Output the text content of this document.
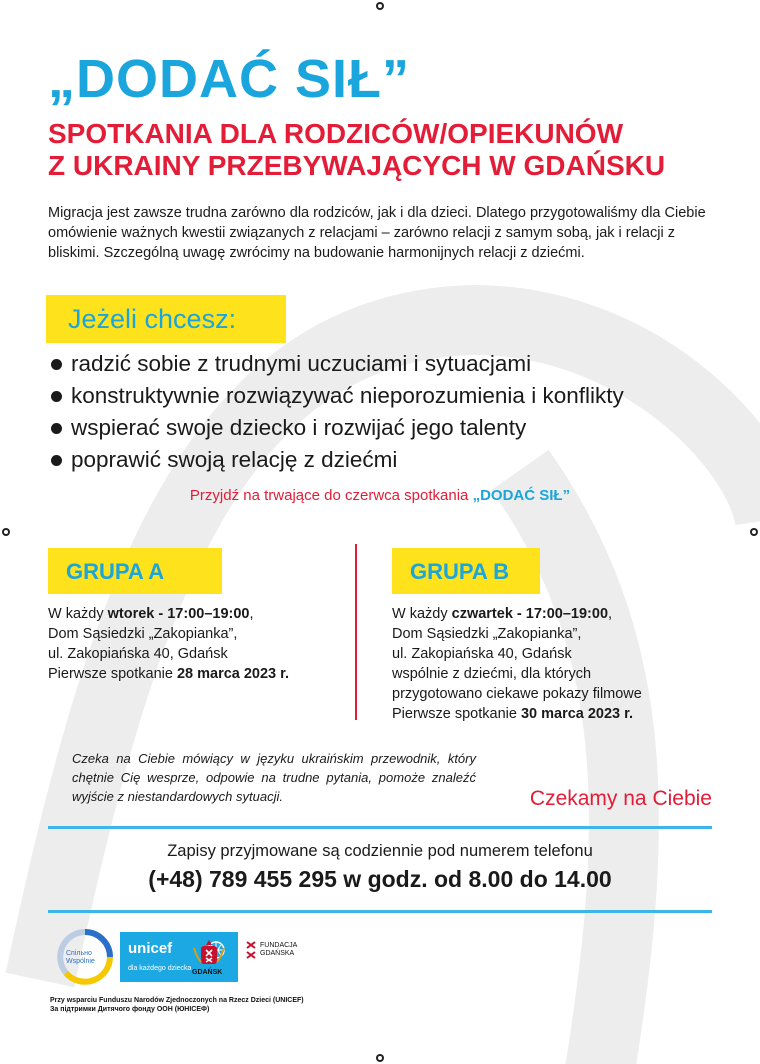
„DODAĆ SIŁ”
SPOTKANIA DLA RODZICÓW/OPIEKUNÓW
Z UKRAINY PRZEBYWAJĄCYCH W GDAŃSKU

Migracja jest zawsze trudna zarówno dla rodziców, jak i dla dzieci. Dlatego przygotowaliśmy dla Ciebie omówienie ważnych kwestii związanych z relacjami – zarówno relacji z samym sobą, jak i relacji z bliskimi. Szczególną uwagę zwrócimy na budowanie harmonijnych relacji z dziećmi.

Jeżeli chcesz:
radzić sobie z trudnymi uczuciami i sytuacjami
konstruktywnie rozwiązywać nieporozumienia i konflikty
wspierać swoje dziecko i rozwijać jego talenty
poprawić swoją relację z dziećmi
Przyjdź na trwające do czerwca spotkania „DODAĆ SIŁ”
GRUPA A	GRUPA B
W każdy wtorek - 17:00–19:00,
Dom Sąsiedzki „Zakopianka”,
ul. Zakopiańska 40, Gdańsk
Pierwsze spotkanie 28 marca 2023 r.
W każdy czwartek - 17:00–19:00,
Dom Sąsiedzki „Zakopianka”,
ul. Zakopiańska 40, Gdańsk
wspólnie z dziećmi, dla których
przygotowano ciekawe pokazy filmowe
Pierwsze spotkanie 30 marca 2023 r.

Czeka na Ciebie mówiący w języku ukraińskim przewodnik, który chętnie Cię wesprze, odpowie na trudne pytania, pomoże znaleźć wyjście z niestandardowych sytuacji.	Czekamy na Ciebie
Zapisy przyjmowane są codziennie pod numerem telefonu
(+48) 789 455 295 w godz. od 8.00 do 14.00
Спільно
Wspólnie
unicef
dla każdego dziecka
GDAŃSK
FUNDACJA
GDAŃSKA
Przy wsparciu Funduszu Narodów Zjednoczonych na Rzecz Dzieci (UNICEF)
За підтримки Дитячого фонду ООН (ЮНІСЕФ)
